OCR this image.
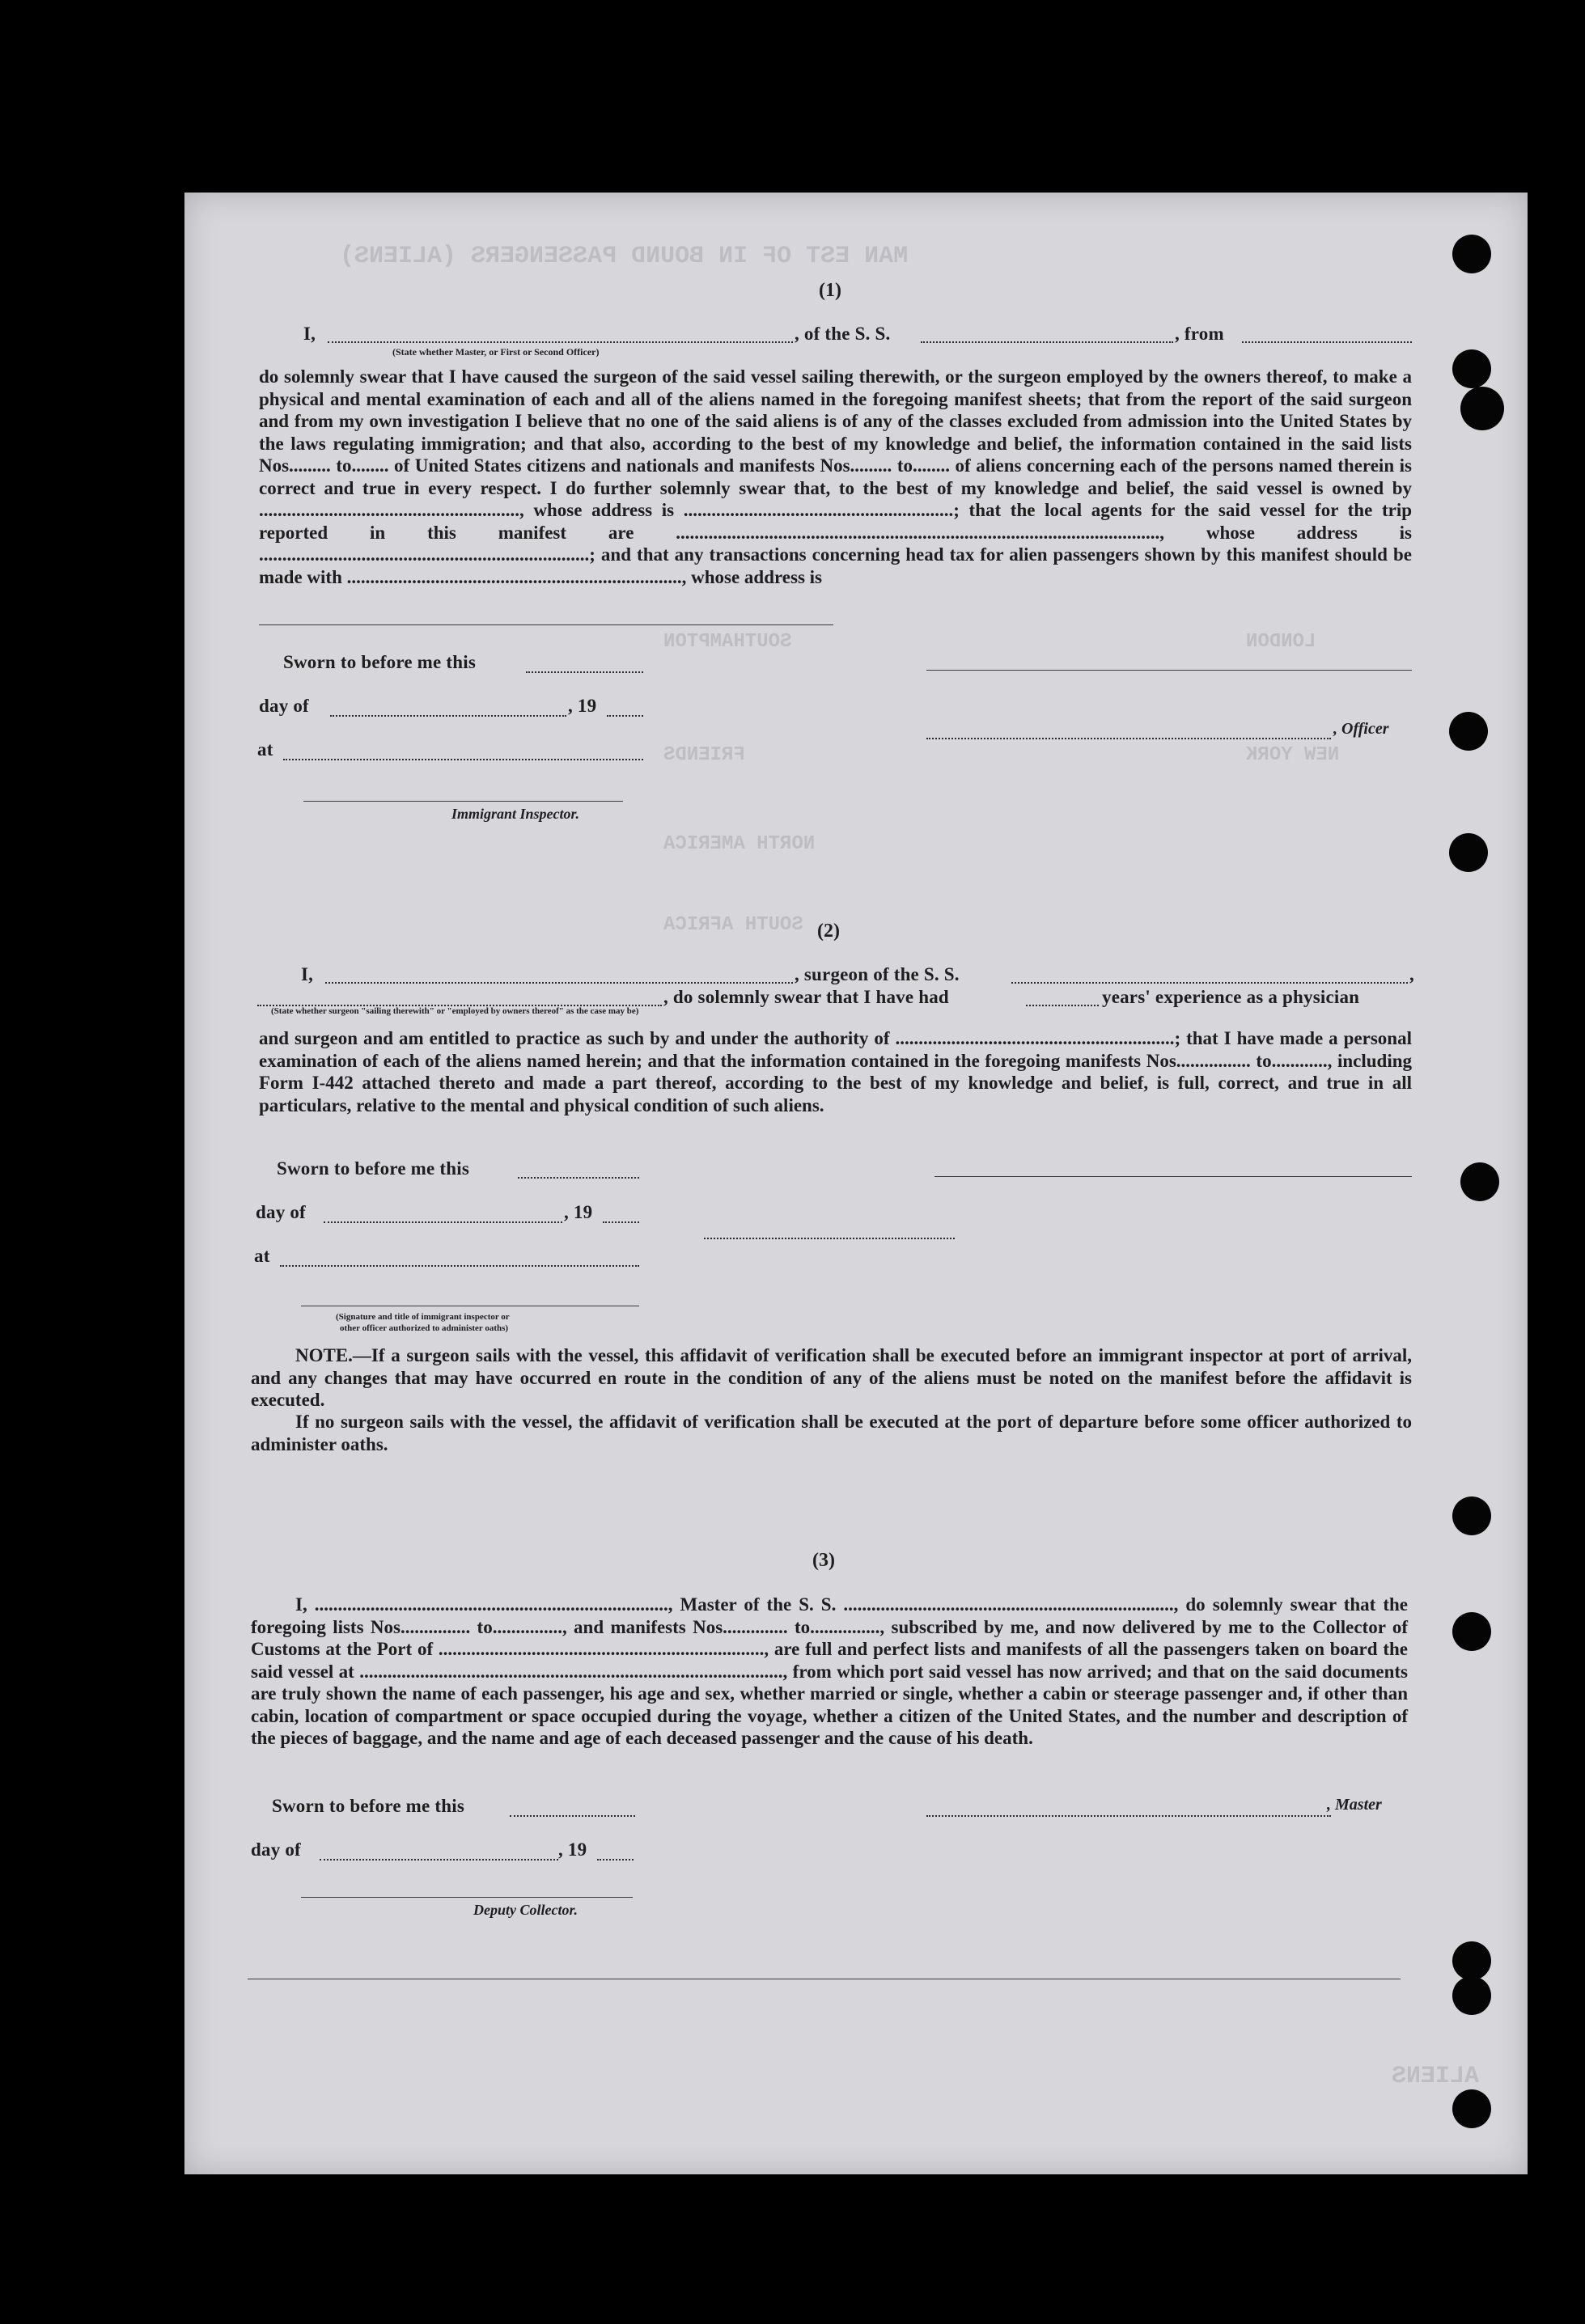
MAN EST OF IN BOUND PASSENGERS (ALIENS)
SOUTHAMPTON	LONDON
FRIENDS	NEW YORK
NORTH AMERICA
SOUTH AFRICA
ALIENS
(1)
I,	, of the S. S.	, from
(State whether Master, or First or Second Officer)
do solemnly swear that I have caused the surgeon of the said vessel sailing therewith, or the surgeon employed by the owners thereof, to make a physical and mental examination of each and all of the aliens named in the foregoing manifest sheets; that from the report of the said surgeon and from my own investigation I believe that no one of the said aliens is of any of the classes excluded from admission into the United States by the laws regulating immigration; and that also, according to the best of my knowledge and belief, the information contained in the said lists Nos......... to........ of United States citizens and nationals and manifests Nos......... to........ of aliens concerning each of the persons named therein is correct and true in every respect. I do further solemnly swear that, to the best of my knowledge and belief, the said vessel is owned by ........................................................, whose address is ..........................................................; that the local agents for the said vessel for the trip reported in this manifest are ........................................................................................................, whose address is .......................................................................; and that any transactions concerning head tax for alien passengers shown by this manifest should be made with ........................................................................, whose address is
Sworn to before me this
day of	, 19
, Officer
at
Immigrant Inspector.
(2)
I,	, surgeon of the S. S.	,
, do solemnly swear that I have had	years' experience as a physician
(State whether surgeon "sailing therewith" or "employed by owners thereof" as the case may be)
and surgeon and am entitled to practice as such by and under the authority of ............................................................; that I have made a personal examination of each of the aliens named herein; and that the information contained in the foregoing manifests Nos................ to............, including Form I-442 attached thereto and made a part thereof, according to the best of my knowledge and belief, is full, correct, and true in all particulars, relative to the mental and physical condition of such aliens.
Sworn to before me this
day of	, 19
at
(Signature and title of immigrant inspector or
other officer authorized to administer oaths)
NOTE.—If a surgeon sails with the vessel, this affidavit of verification shall be executed before an immigrant inspector at port of arrival, and any changes that may have occurred en route in the condition of any of the aliens must be noted on the manifest before the affidavit is executed.
If no surgeon sails with the vessel, the affidavit of verification shall be executed at the port of departure before some officer authorized to administer oaths.
(3)
I, ............................................................................, Master of the S. S. ......................................................................., do solemnly swear that the foregoing lists Nos............... to..............., and manifests Nos.............. to..............., subscribed by me, and now delivered by me to the Collector of Customs at the Port of ......................................................................, are full and perfect lists and manifests of all the passengers taken on board the said vessel at ..........................................................................................., from which port said vessel has now arrived; and that on the said documents are truly shown the name of each passenger, his age and sex, whether married or single, whether a cabin or steerage passenger and, if other than cabin, location of compartment or space occupied during the voyage, whether a citizen of the United States, and the number and description of the pieces of baggage, and the name and age of each deceased passenger and the cause of his death.
Sworn to before me this	, Master
day of	, 19
Deputy Collector.
